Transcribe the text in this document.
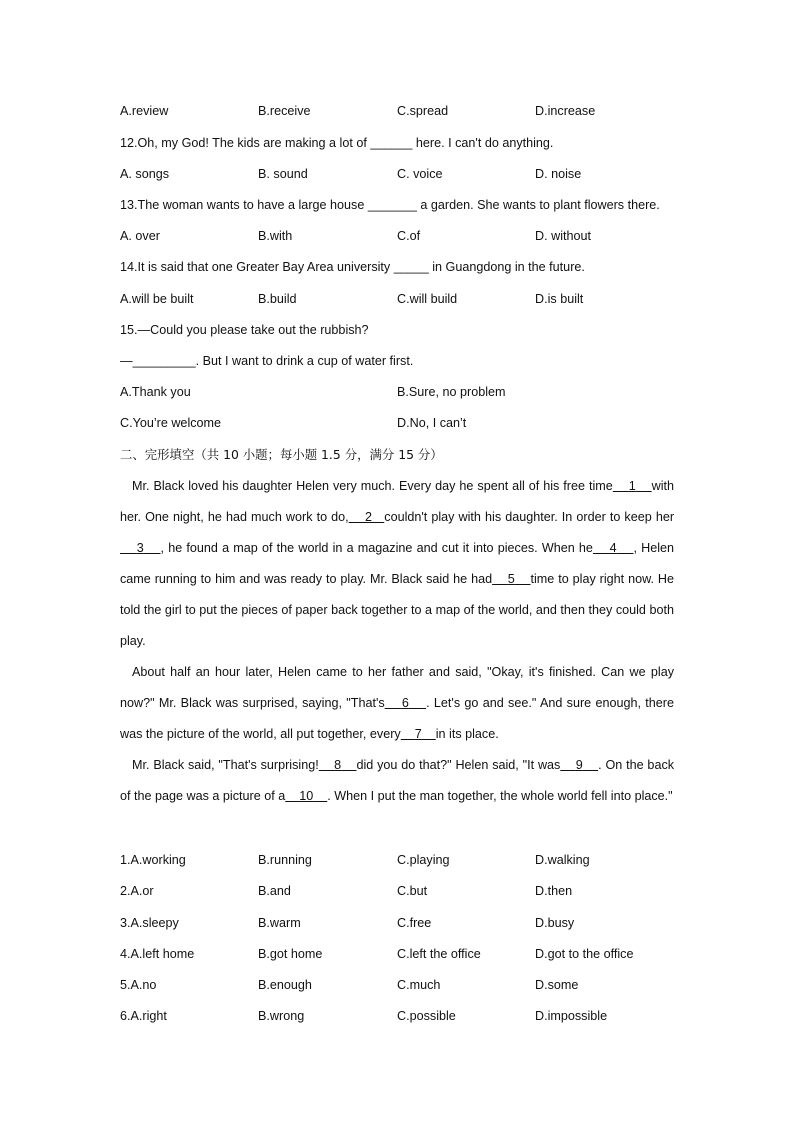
A.review	B.receive	C.spread	D.increase
12.Oh, my God! The kids are making a lot of ______ here. I can't do anything.
A. songs	B. sound	C. voice	D. noise
13.The woman wants to have a large house _______ a garden. She wants to plant flowers there.
A. over	B.with	C.of	D. without
14.It is said that one Greater Bay Area university _____ in Guangdong in the future.
A.will be built	B.build	C.will build	D.is built
15.—Could you please take out the rubbish?
—_________. But I want to drink a cup of water first.
A.Thank you	B.Sure, no problem
C.You’re welcome	D.No, I can’t
二、完形填空（共 10 小题；每小题 1.5 分，满分 15 分）

Mr. Black loved his daughter Helen very much. Every day he spent all of his free time 1 with her. One night, he had much work to do, 2 couldn't play with his daughter. In order to keep her    3 , he found a map of the world in a magazine and cut it into pieces. When he 4 , Helen came running to him and was ready to play. Mr. Black said he had 5 time to play right now. He told the girl to put the pieces of paper back together to a map of the world, and then they could both play.

About half an hour later, Helen came to her father and said, "Okay, it's finished. Can we play now?" Mr. Black was surprised, saying, "That's 6 . Let's go and see." And sure enough, there was the picture of the world, all put together, every 7 in its place.

Mr. Black said, "That's surprising! 8 did you do that?" Helen said, "It was 9 . On the back of the page was a picture of a 10 . When I put the man together, the whole world fell into place."

1.A.working	B.running	C.playing	D.walking
2.A.or	B.and	C.but	D.then
3.A.sleepy	B.warm	C.free	D.busy
4.A.left home	B.got home	C.left the office	D.got to the office
5.A.no	B.enough	C.much	D.some
6.A.right	B.wrong	C.possible	D.impossible
